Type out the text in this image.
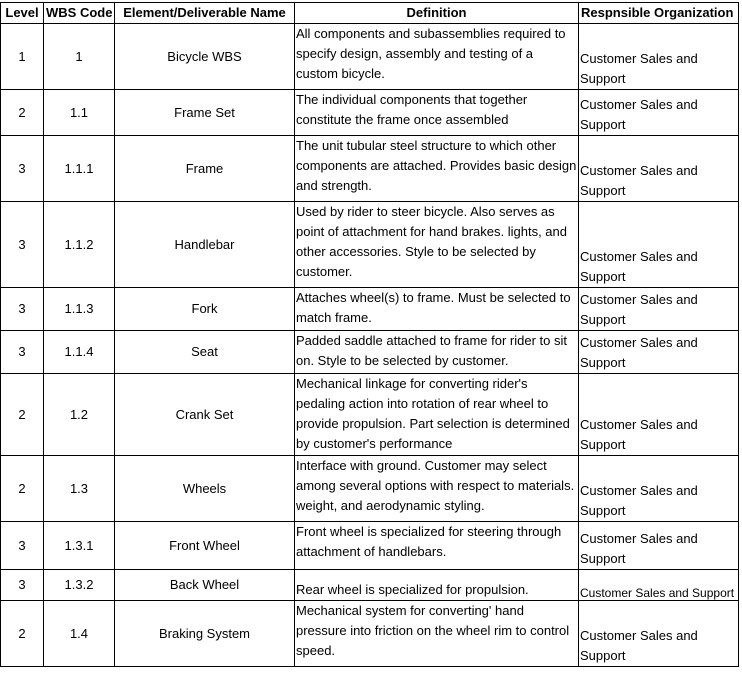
Level	WBS Code	Element/Deliverable Name	Definition	Respnsible Organization
1	1	Bicycle WBS	All components and subassemblies required to specify design, assembly and testing of a custom bicycle.	Customer Sales and Support

2	1.1	Frame Set	The individual components that together constitute the frame once assembled	Customer Sales and Support

3	1.1.1	Frame	The unit tubular steel structure to which other components are attached. Provides basic design and strength.	Customer Sales and Support

3	1.1.2	Handlebar	Used by rider to steer bicycle. Also serves as point of attachment for hand brakes. lights, and other accessories. Style to be selected by customer.	Customer Sales and Support

3	1.1.3	Fork	Attaches wheel(s) to frame. Must be selected to match frame.	Customer Sales and Support

3	1.1.4	Seat	Padded saddle attached to frame for rider to sit on. Style to be selected by customer.	Customer Sales and Support

2	1.2	Crank Set	Mechanical linkage for converting rider's pedaling action into rotation of rear wheel to provide propulsion. Part selection is determined by customer's performance	Customer Sales and Support

2	1.3	Wheels	Interface with ground. Customer may select among several options with respect to materials. weight, and aerodynamic styling.	Customer Sales and Support

3	1.3.1	Front Wheel	Front wheel is specialized for steering through attachment of handlebars.	Customer Sales and Support

3	1.3.2	Back Wheel	Rear wheel is specialized for propulsion.	Customer Sales and Support

2	1.4	Braking System	Mechanical system for converting' hand pressure into friction on the wheel rim to control speed.	Customer Sales and Support
